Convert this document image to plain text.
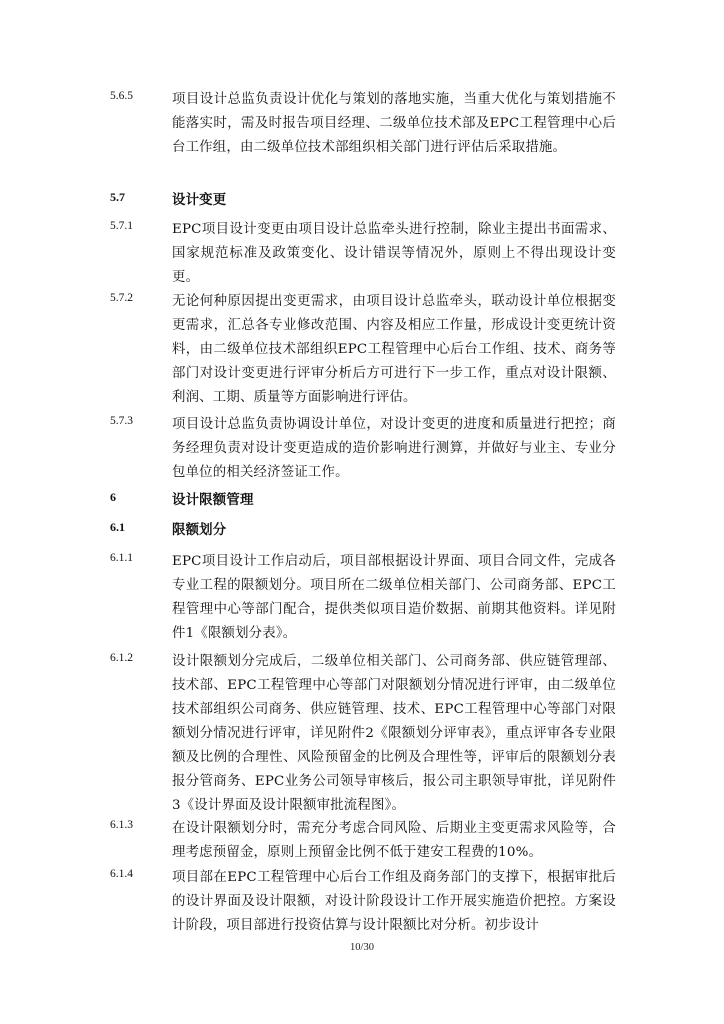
5.6.5	项目设计总监负责设计优化与策划的落地实施，当重大优化与策划措施不能落实时，需及时报告项目经理、二级单位技术部及EPC工程管理中心后台工作组，由二级单位技术部组织相关部门进行评估后采取措施。
5.7	设计变更
5.7.1	EPC项目设计变更由项目设计总监牵头进行控制，除业主提出书面需求、国家规范标准及政策变化、设计错误等情况外，原则上不得出现设计变更。
5.7.2	无论何种原因提出变更需求，由项目设计总监牵头，联动设计单位根据变更需求，汇总各专业修改范围、内容及相应工作量，形成设计变更统计资料，由二级单位技术部组织EPC工程管理中心后台工作组、技术、商务等部门对设计变更进行评审分析后方可进行下一步工作，重点对设计限额、利润、工期、质量等方面影响进行评估。
5.7.3	项目设计总监负责协调设计单位，对设计变更的进度和质量进行把控；商务经理负责对设计变更造成的造价影响进行测算，并做好与业主、专业分包单位的相关经济签证工作。
6	设计限额管理
6.1	限额划分
6.1.1	EPC项目设计工作启动后，项目部根据设计界面、项目合同文件，完成各专业工程的限额划分。项目所在二级单位相关部门、公司商务部、EPC工程管理中心等部门配合，提供类似项目造价数据、前期其他资料。详见附件1《限额划分表》。
6.1.2	设计限额划分完成后，二级单位相关部门、公司商务部、供应链管理部、技术部、EPC工程管理中心等部门对限额划分情况进行评审，由二级单位技术部组织公司商务、供应链管理、技术、EPC工程管理中心等部门对限额划分情况进行评审，详见附件2《限额划分评审表》，重点评审各专业限额及比例的合理性、风险预留金的比例及合理性等，评审后的限额划分表报分管商务、EPC业务公司领导审核后，报公司主职领导审批，详见附件3《设计界面及设计限额审批流程图》。
6.1.3	在设计限额划分时，需充分考虑合同风险、后期业主变更需求风险等，合理考虑预留金，原则上预留金比例不低于建安工程费的10%。
6.1.4	项目部在EPC工程管理中心后台工作组及商务部门的支撑下，根据审批后的设计界面及设计限额，对设计阶段设计工作开展实施造价把控。方案设计阶段，项目部进行投资估算与设计限额比对分析。初步设计
10/30
